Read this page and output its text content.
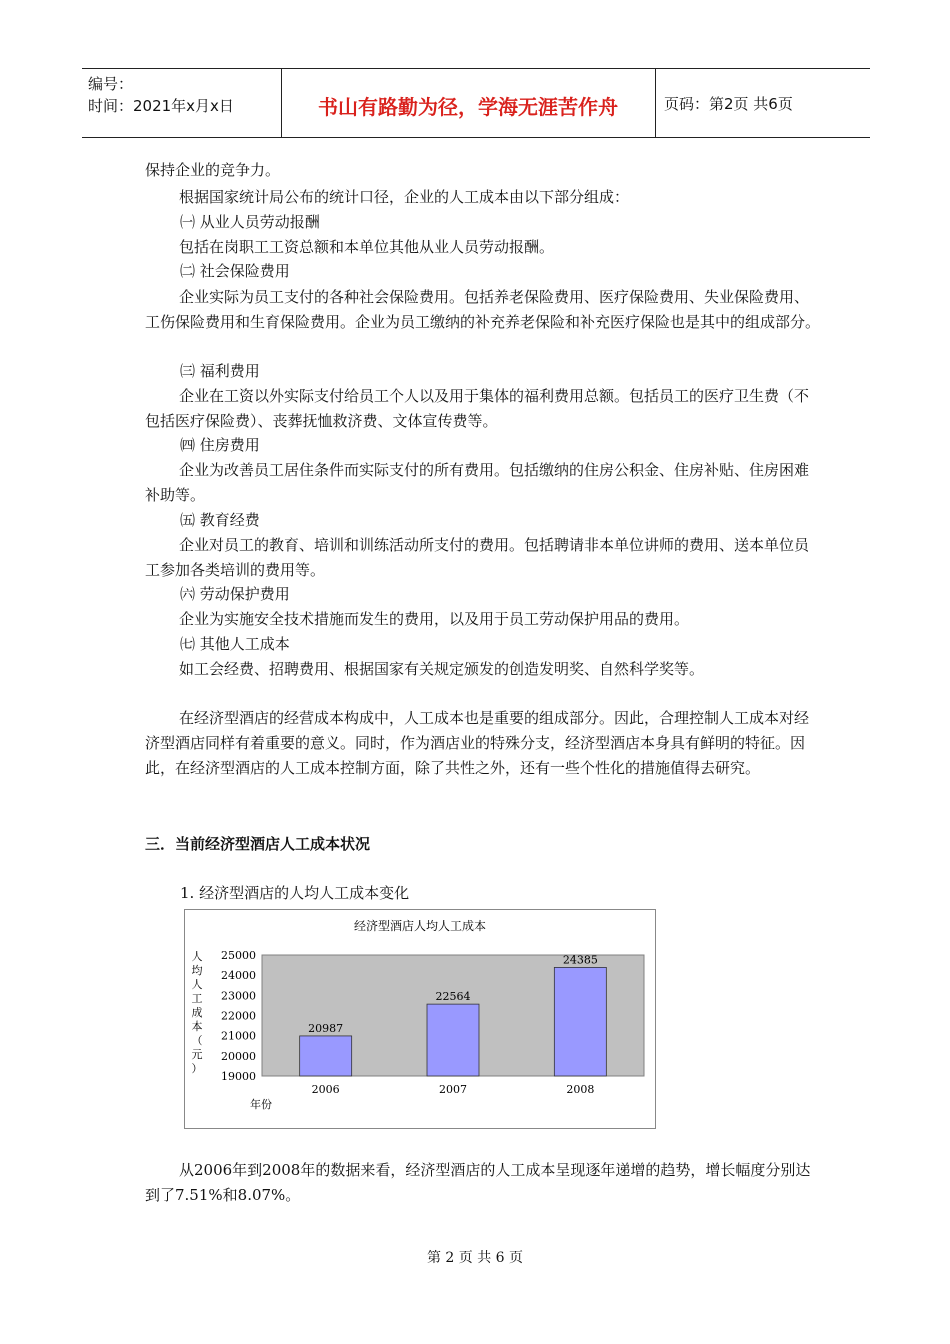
编号：
时间：2021年x月x日	书山有路勤为径，学海无涯苦作舟	页码：第2页 共6页

保持企业的竞争力。

根据国家统计局公布的统计口径，企业的人工成本由以下部分组成：

㈠ 从业人员劳动报酬

包括在岗职工工资总额和本单位其他从业人员劳动报酬。

㈡ 社会保险费用

企业实际为员工支付的各种社会保险费用。包括养老保险费用、医疗保险费用、失业保险费用、工伤保险费用和生育保险费用。企业为员工缴纳的补充养老保险和补充医疗保险也是其中的组成部分。

㈢ 福利费用

企业在工资以外实际支付给员工个人以及用于集体的福利费用总额。包括员工的医疗卫生费（不包括医疗保险费）、丧葬抚恤救济费、文体宣传费等。

㈣ 住房费用

企业为改善员工居住条件而实际支付的所有费用。包括缴纳的住房公积金、住房补贴、住房困难补助等。

㈤ 教育经费

企业对员工的教育、培训和训练活动所支付的费用。包括聘请非本单位讲师的费用、送本单位员工参加各类培训的费用等。

㈥ 劳动保护费用

企业为实施安全技术措施而发生的费用，以及用于员工劳动保护用品的费用。

㈦ 其他人工成本

如工会经费、招聘费用、根据国家有关规定颁发的创造发明奖、自然科学奖等。

在经济型酒店的经营成本构成中，人工成本也是重要的组成部分。因此，合理控制人工成本对经济型酒店同样有着重要的意义。同时，作为酒店业的特殊分支，经济型酒店本身具有鲜明的特征。因此，在经济型酒店的人工成本控制方面，除了共性之外，还有一些个性化的措施值得去研究。

三．当前经济型酒店人工成本状况

1. 经济型酒店的人均人工成本变化

经济型酒店人均人工成本
19000
20000
21000
22000
23000
24000
25000
20987
22564
24385
2006	2007	2008
人
均
人
工
成
本
（
元
）
年份

从2006年到2008年的数据来看，经济型酒店的人工成本呈现逐年递增的趋势，增长幅度分别达到了7.51%和8.07%。

第 2 页 共 6 页
